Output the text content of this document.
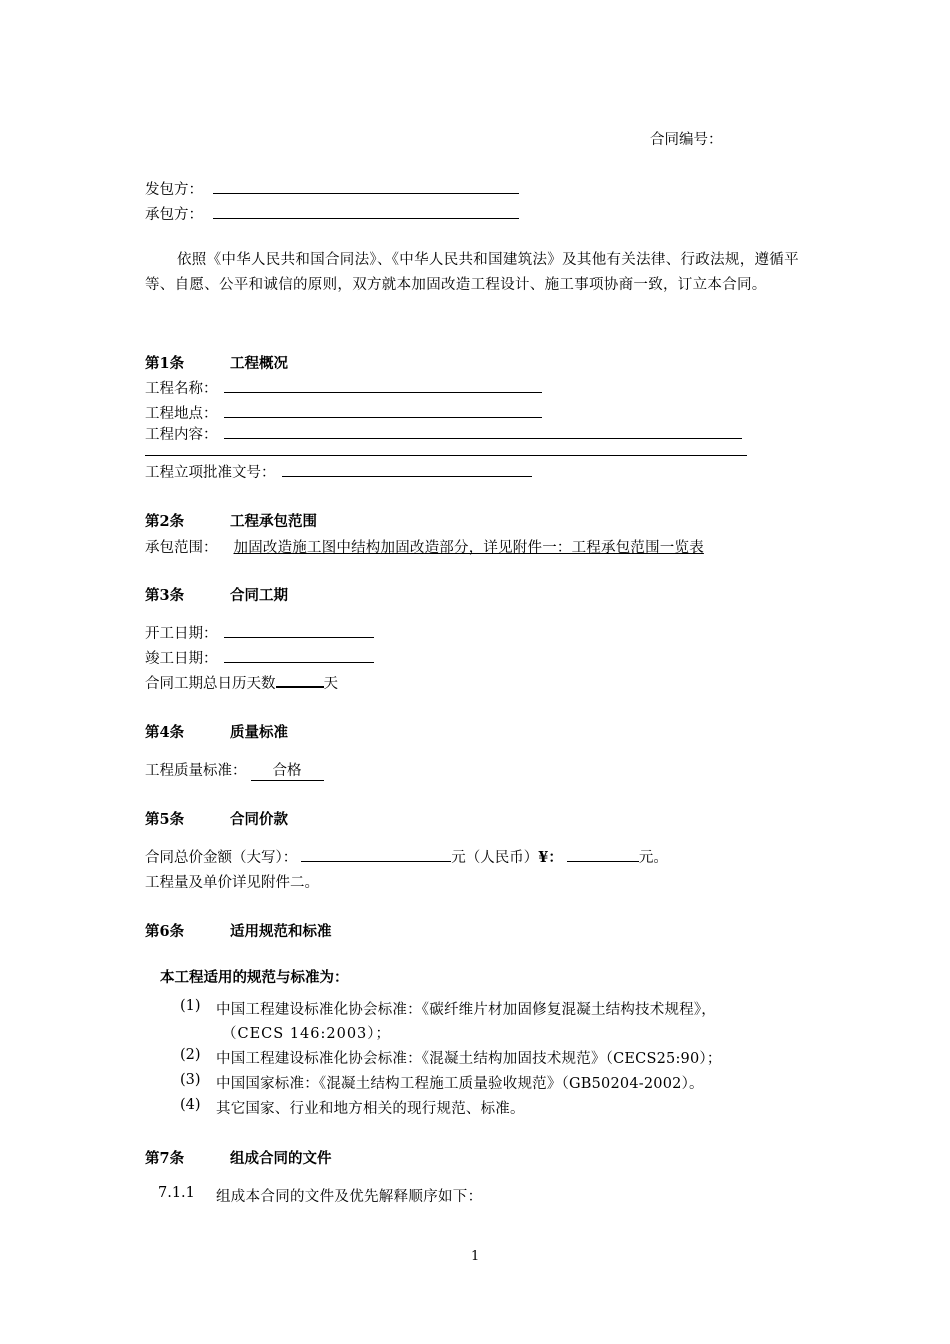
合同编号：
发包方：
承包方：
依照《中华人民共和国合同法》、《中华人民共和国建筑法》及其他有关法律、行政法规，遵循平等、自愿、公平和诚信的原则，双方就本加固改造工程设计、施工事项协商一致，订立本合同。
第1条	工程概况
工程名称：
工程地点：
工程内容：
工程立项批准文号：
第2条	工程承包范围
承包范围： 加固改造施工图中结构加固改造部分，详见附件一：工程承包范围一览表
第3条	合同工期
开工日期：
竣工日期：
合同工期总日历天数	天
第4条	质量标准
工程质量标准： 合格
第5条	合同价款
合同总价金额（大写）：	元（人民币）¥：	元。
工程量及单价详见附件二。
第6条	适用规范和标准
本工程适用的规范与标准为：
(1) 中国工程建设标准化协会标准：《碳纤维片材加固修复混凝土结构技术规程》，
（CECS 146:2003）；
(2) 中国工程建设标准化协会标准：《混凝土结构加固技术规范》（CECS25:90）；
(3) 中国国家标准：《混凝土结构工程施工质量验收规范》（GB50204-2002）。
(4) 其它国家、行业和地方相关的现行规范、标准。
第7条	组成合同的文件
7.1.1 组成本合同的文件及优先解释顺序如下：
1
